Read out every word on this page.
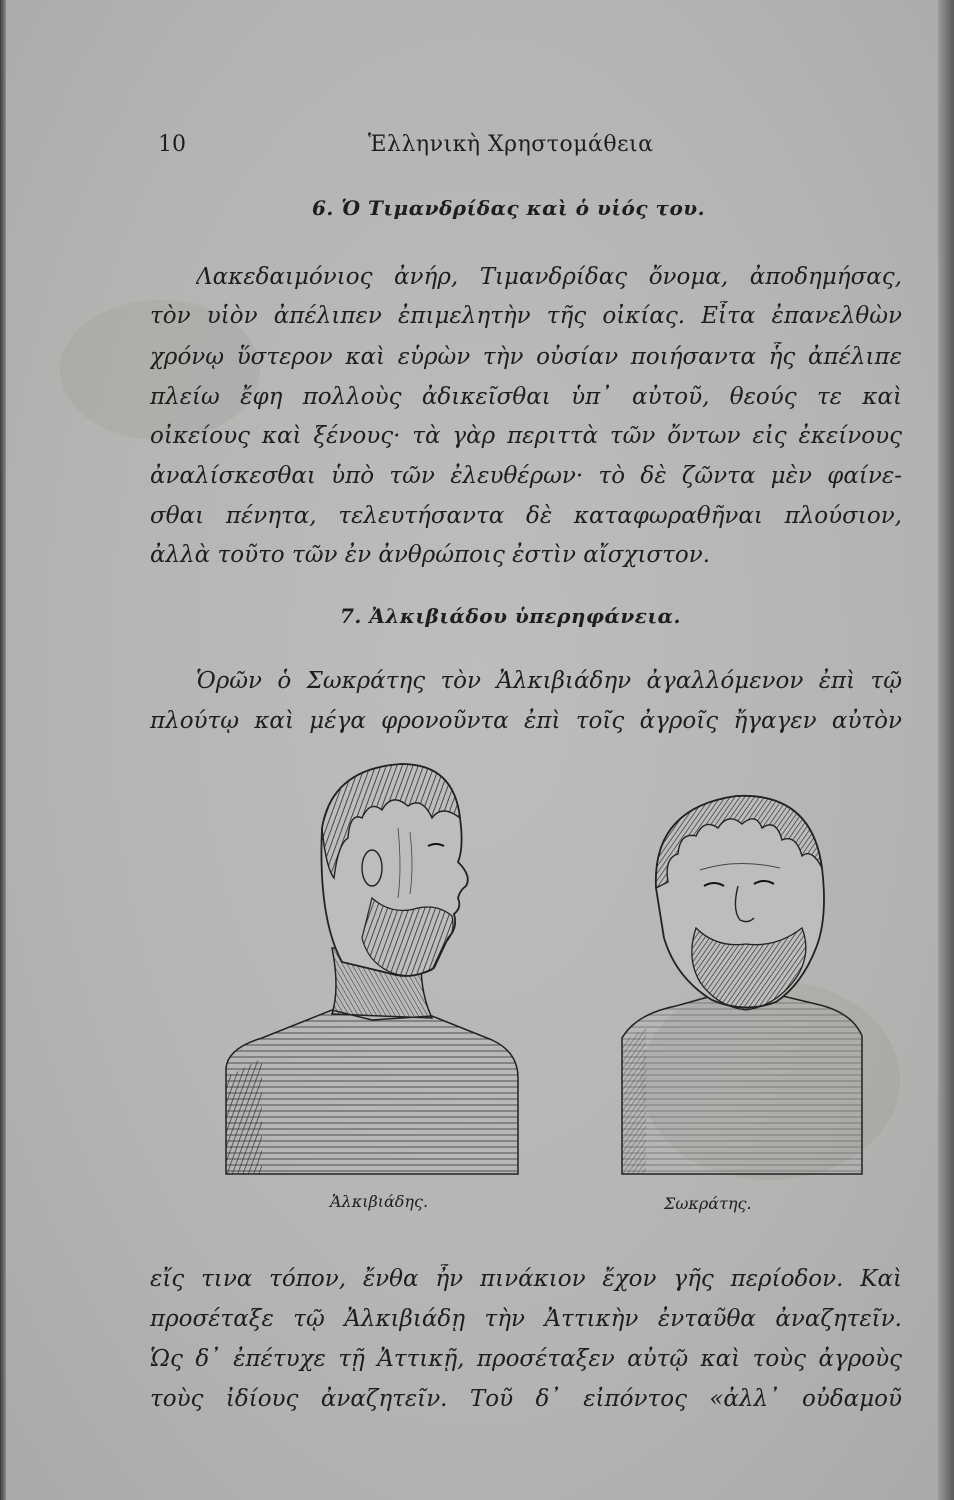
10	Ἑλληνικὴ Χρηστομάθεια
6. Ὁ Τιμανδρίδας καὶ ὁ υἱός του.
Λακεδαιμόνιος ἀνήρ, Τιμανδρίδας ὄνομα, ἀποδημήσας,
τὸν υἱὸν ἀπέλιπεν ἐπιμελητὴν τῆς οἰκίας. Εἶτα ἐπανελθὼν
χρόνῳ ὕστερον καὶ εὑρὼν τὴν οὐσίαν ποιήσαντα ἧς ἀπέλιπε
πλείω ἔφη πολλοὺς ἀδικεῖσθαι ὑπ᾽ αὐτοῦ, θεούς τε καὶ
οἰκείους καὶ ξένους· τὰ γὰρ περιττὰ τῶν ὄντων εἰς ἐκείνους
ἀναλίσκεσθαι ὑπὸ τῶν ἐλευθέρων· τὸ δὲ ζῶντα μὲν φαίνε-
σθαι πένητα, τελευτήσαντα δὲ καταφωραθῆναι πλούσιον,
ἀλλὰ τοῦτο τῶν ἐν ἀνθρώποις ἐστὶν αἴσχιστον.
7. Ἀλκιβιάδου ὑπερηφάνεια.
Ὁρῶν ὁ Σωκράτης τὸν Ἀλκιβιάδην ἀγαλλόμενον ἐπὶ τῷ
πλούτῳ καὶ μέγα φρονοῦντα ἐπὶ τοῖς ἀγροῖς ἤγαγεν αὐτὸν
Ἀλκιβιάδης.	Σωκράτης.
εἴς τινα τόπον, ἔνθα ἦν πινάκιον ἔχον γῆς περίοδον. Καὶ
προσέταξε τῷ Ἀλκιβιάδῃ τὴν Ἀττικὴν ἐνταῦθα ἀναζητεῖν.
Ὡς δ᾽ ἐπέτυχε τῇ Ἀττικῇ, προσέταξεν αὐτῷ καὶ τοὺς ἀγροὺς
τοὺς ἰδίους ἀναζητεῖν. Τοῦ δ᾽ εἰπόντος «ἀλλ᾽ οὐδαμοῦ
